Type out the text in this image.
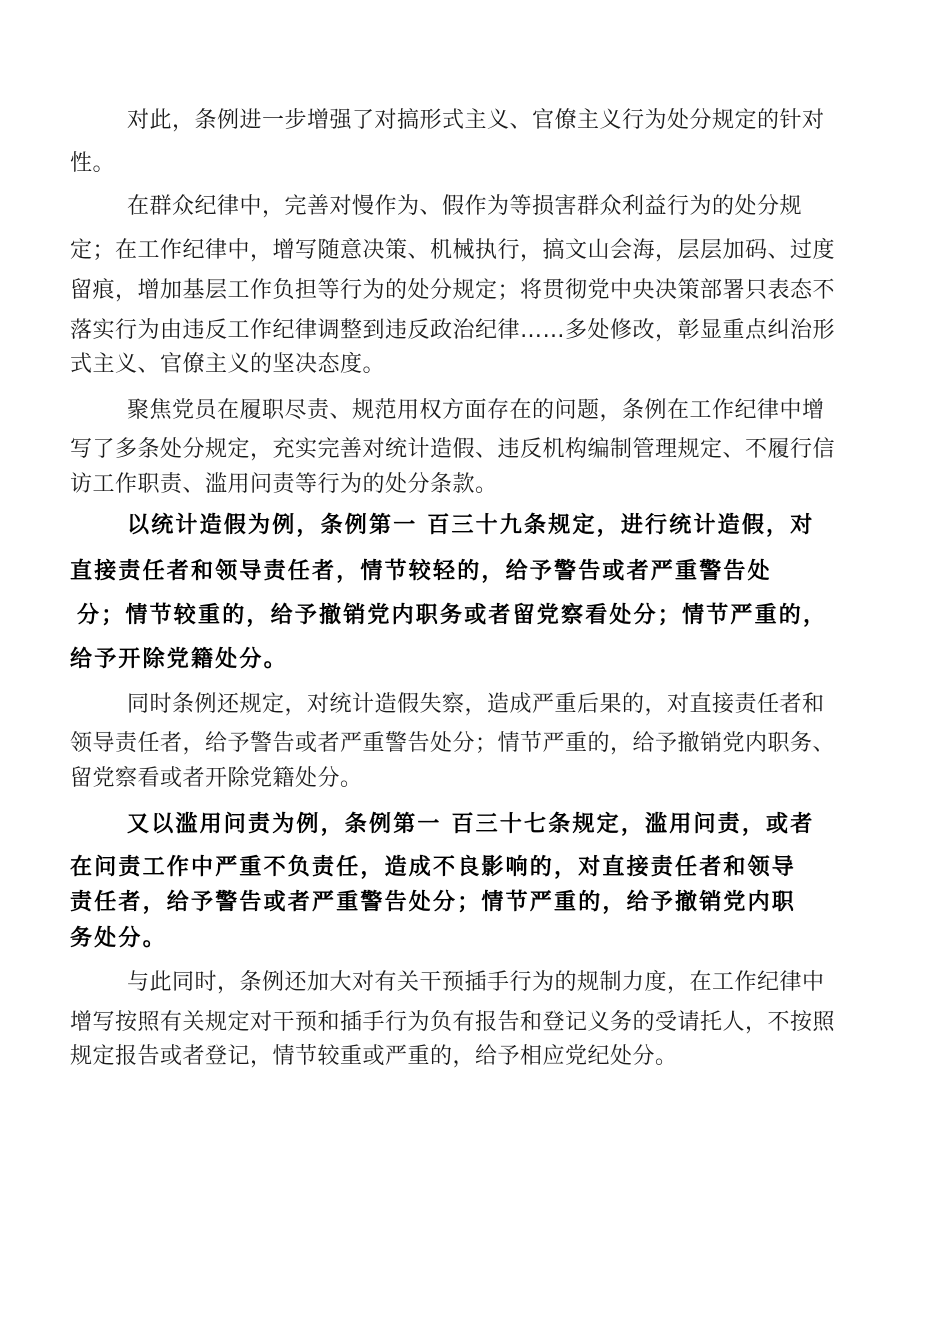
对此，条例进一步增强了对搞形式主义、官僚主义行为处分规定的针对
性。
在群众纪律中，完善对慢作为、假作为等损害群众利益行为的处分规
定；在工作纪律中，增写随意决策、机械执行，搞文山会海，层层加码、过度
留痕，增加基层工作负担等行为的处分规定；将贯彻党中央决策部署只表态不
落实行为由违反工作纪律调整到违反政治纪律……多处修改，彰显重点纠治形
式主义、官僚主义的坚决态度。
聚焦党员在履职尽责、规范用权方面存在的问题，条例在工作纪律中增
写了多条处分规定，充实完善对统计造假、违反机构编制管理规定、不履行信
访工作职责、滥用问责等行为的处分条款。
以统计造假为例，条例第一 百三十九条规定，进行统计造假，对
直接责任者和领导责任者，情节较轻的，给予警告或者严重警告处
分；情节较重的，给予撤销党内职务或者留党察看处分；情节严重的，
给予开除党籍处分。
同时条例还规定，对统计造假失察，造成严重后果的，对直接责任者和
领导责任者，给予警告或者严重警告处分；情节严重的，给予撤销党内职务、
留党察看或者开除党籍处分。
又以滥用问责为例，条例第一 百三十七条规定，滥用问责，或者
在问责工作中严重不负责任，造成不良影响的，对直接责任者和领导
责任者，给予警告或者严重警告处分；情节严重的，给予撤销党内职
务处分。
与此同时，条例还加大对有关干预插手行为的规制力度，在工作纪律中
增写按照有关规定对干预和插手行为负有报告和登记义务的受请托人，不按照
规定报告或者登记，情节较重或严重的，给予相应党纪处分。
